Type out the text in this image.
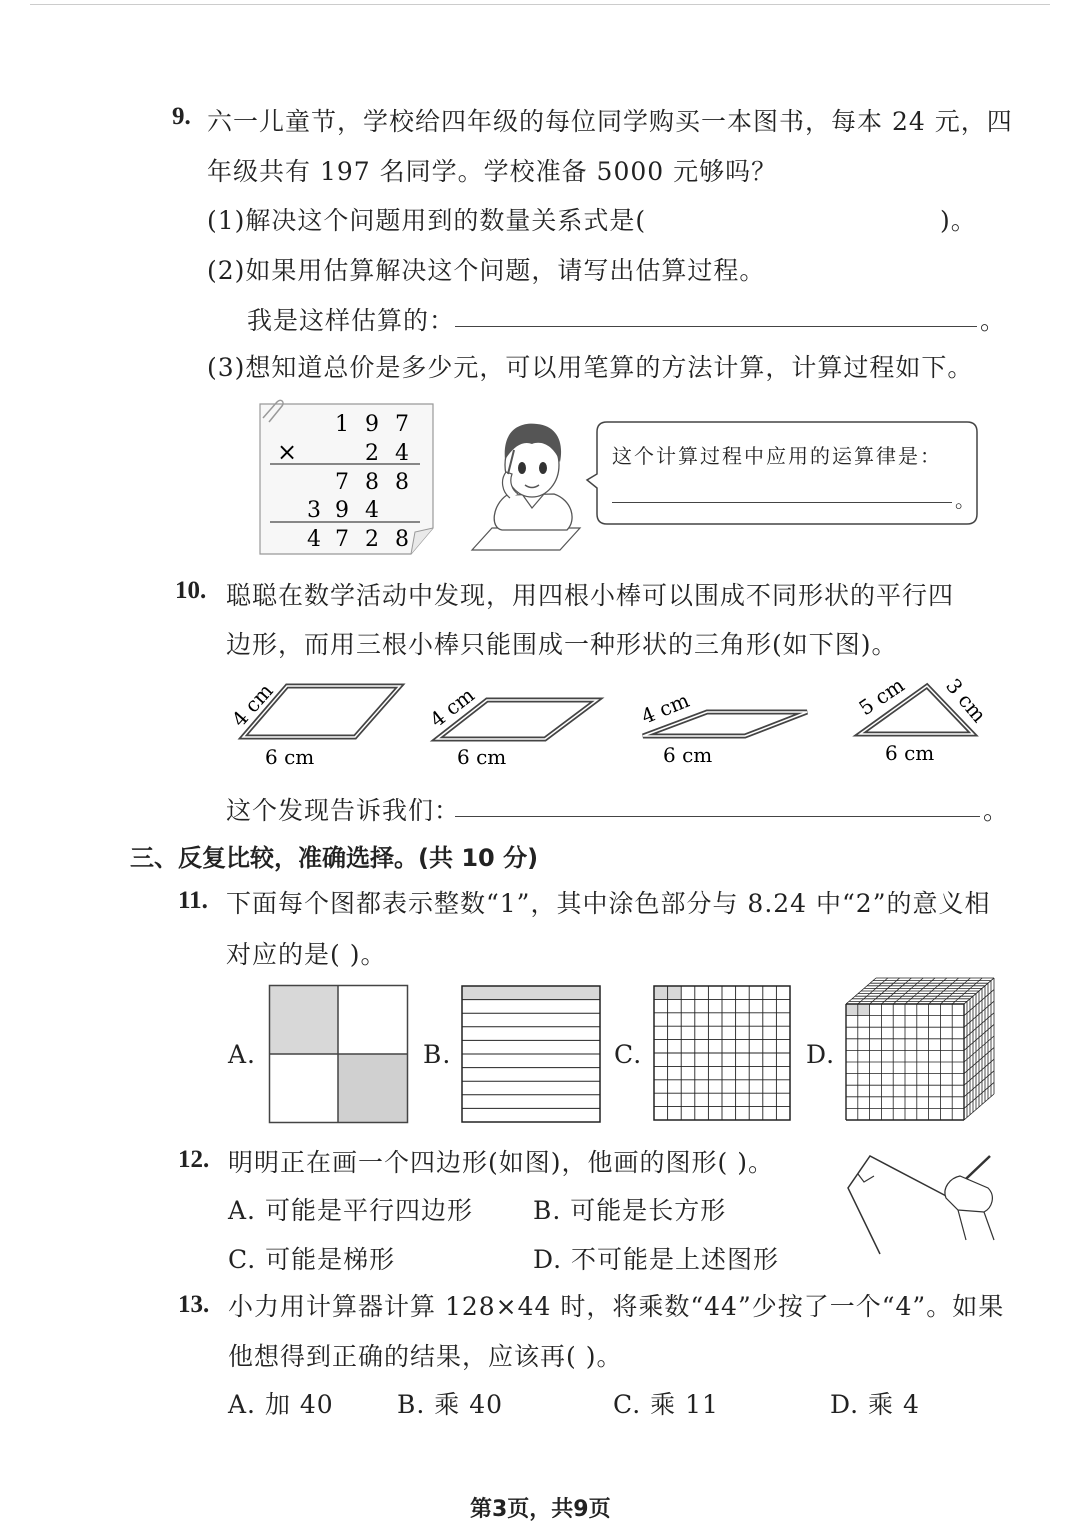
9. 六一儿童节，学校给四年级的每位同学购买一本图书，每本 24 元，四
年级共有 197 名同学。学校准备 5000 元够吗？
(1)解决这个问题用到的数量关系式是(	)。
(2)如果用估算解决这个问题，请写出估算过程。
我是这样估算的：	。
(3)想知道总价是多少元，可以用笔算的方法计算，计算过程如下。
1 9 7
×	2 4
7 8 8
3 9 4
4 7 2 8
这个计算过程中应用的运算律是：
。
10. 聪聪在数学活动中发现，用四根小棒可以围成不同形状的平行四
边形，而用三根小棒只能围成一种形状的三角形(如下图)。
4 cm
6 cm
4 cm
6 cm
4 cm
6 cm
5 cm 3 cm
6 cm
这个发现告诉我们：	。
三、反复比较，准确选择。(共 10 分)
11. 下面每个图都表示整数“1”，其中涂色部分与 8.24 中“2”的意义相
对应的是( )。
A.	B.	C.	D.
12. 明明正在画一个四边形(如图)，他画的图形( )。
A. 可能是平行四边形 B. 可能是长方形
C. 可能是梯形	D. 不可能是上述图形
13. 小力用计算器计算 128×44 时，将乘数“44”少按了一个“4”。如果
他想得到正确的结果，应该再( )。
A. 加 40	B. 乘 40	C. 乘 11	D. 乘 4
第3页，共9页
